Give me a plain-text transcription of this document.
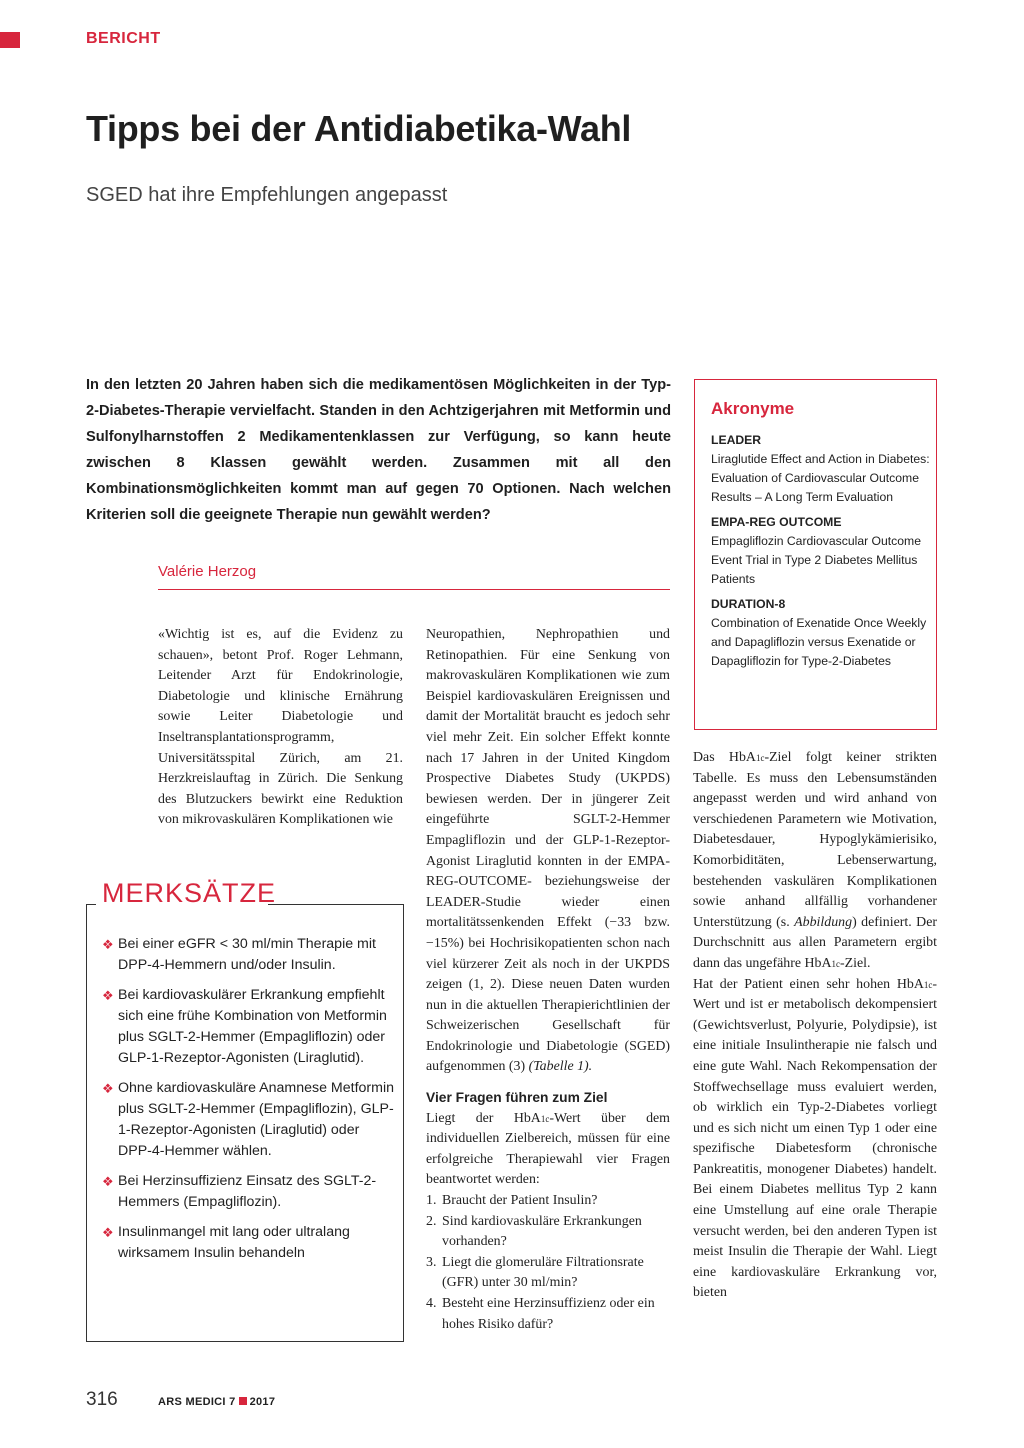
BERICHT
Tipps bei der Antidiabetika-Wahl
SGED hat ihre Empfehlungen angepasst
In den letzten 20 Jahren haben sich die medikamentösen Möglichkeiten in der Typ-2-Diabetes-Therapie vervielfacht. Standen in den Achtzigerjahren mit Metformin und Sulfonylharnstoffen 2 Medikamentenklassen zur Verfügung, so kann heute zwischen 8 Klassen gewählt werden. Zusammen mit all den Kombinationsmöglichkeiten kommt man auf gegen 70 Optionen. Nach welchen Kriterien soll die geeignete Therapie nun gewählt werden?
Valérie Herzog
Akronyme
LEADER
Liraglutide Effect and Action in Diabetes: Evaluation of Cardiovascular Outcome Results – A Long Term Evaluation
EMPA-REG OUTCOME
Empagliflozin Cardiovascular Outcome Event Trial in Type 2 Diabetes Mellitus Patients
DURATION-8
Combination of Exenatide Once Weekly and Dapagliflozin versus Exenatide or Dapagliflozin for Type-2-Diabetes

«Wichtig ist es, auf die Evidenz zu schauen», betont Prof. Roger Lehmann, Leitender Arzt für Endokrinologie, Diabetologie und klinische Ernährung sowie Leiter Diabetologie und Inseltransplantationsprogramm, Universitätsspital Zürich, am 21. Herzkreislauftag in Zürich. Die Senkung des Blutzuckers bewirkt eine Reduktion von mikrovaskulären Komplikationen wie

Neuropathien, Nephropathien und Retinopathien. Für eine Senkung von makrovaskulären Komplikationen wie zum Beispiel kardiovaskulären Ereignissen und damit der Mortalität braucht es jedoch sehr viel mehr Zeit. Ein solcher Effekt konnte nach 17 Jahren in der United Kingdom Prospective Diabetes Study (UKPDS) bewiesen werden. Der in jüngerer Zeit eingeführte SGLT-2-Hemmer Empagliflozin und der GLP-1-Rezeptor-Agonist Liraglutid konnten in der EMPA-REG-OUTCOME- beziehungsweise der LEADER-Studie wieder einen mortalitätssenkenden Effekt (−33 bzw. −15%) bei Hochrisikopatienten schon nach viel kürzerer Zeit als noch in der UKPDS zeigen (1, 2). Diese neuen Daten wurden nun in die aktuellen Therapierichtlinien der Schweizerischen Gesellschaft für Endokrinologie und Diabetologie (SGED) aufgenommen (3) (Tabelle 1).

Vier Fragen führen zum Ziel

Liegt der HbA1c-Wert über dem individuellen Zielbereich, müssen für eine erfolgreiche Therapiewahl vier Fragen beantwortet werden:

1. Braucht der Patient Insulin?
2. Sind kardiovaskuläre Erkrankungen vorhanden?
3. Liegt die glomeruläre Filtrationsrate (GFR) unter 30 ml/min?
4. Besteht eine Herzinsuffizienz oder ein hohes Risiko dafür?

Das HbA1c-Ziel folgt keiner strikten Tabelle. Es muss den Lebensumständen angepasst werden und wird anhand von verschiedenen Parametern wie Motivation, Diabetesdauer, Hypoglykämierisiko, Komorbiditäten, Lebenserwartung, bestehenden vaskulären Komplikationen sowie anhand allfällig vorhandener Unterstützung (s. Abbildung) definiert. Der Durchschnitt aus allen Parametern ergibt dann das ungefähre HbA1c-Ziel.

Hat der Patient einen sehr hohen HbA1c-Wert und ist er metabolisch dekompensiert (Gewichtsverlust, Polyurie, Polydipsie), ist eine initiale Insulintherapie nie falsch und eine gute Wahl. Nach Rekompensation der Stoffwechsellage muss evaluiert werden, ob wirklich ein Typ-2-Diabetes vorliegt und es sich nicht um einen Typ 1 oder eine spezifische Diabetesform (chronische Pankreatitis, monogener Diabetes) handelt. Bei einem Diabetes mellitus Typ 2 kann eine Umstellung auf eine orale Therapie versucht werden, bei den anderen Typen ist meist Insulin die Therapie der Wahl. Liegt eine kardiovaskuläre Erkrankung vor, bieten

MERKSÄTZE
❖ Bei einer eGFR < 30 ml/min Therapie mit DPP-4-Hemmern und/oder Insulin.
❖ Bei kardiovaskulärer Erkrankung empfiehlt sich eine frühe Kombination von Metformin plus SGLT-2-Hemmer (Empagliflozin) oder GLP-1-Rezeptor-Agonisten (Liraglutid).
❖ Ohne kardiovaskuläre Anamnese Metformin plus SGLT-2-Hemmer (Empagliflozin), GLP-1-Rezeptor-Agonisten (Liraglutid) oder DPP-4-Hemmer wählen.
❖ Bei Herzinsuffizienz Einsatz des SGLT-2-Hemmers (Empagliflozin).
❖ Insulinmangel mit lang oder ultralang wirksamem Insulin behandeln
316	ARS MEDICI 7 2017
